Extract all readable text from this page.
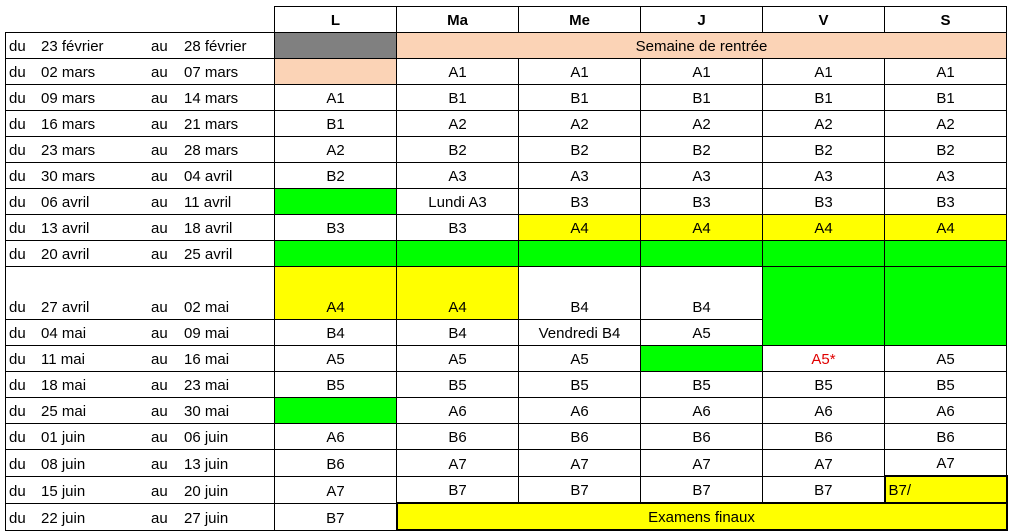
	L	Ma	Me	J	V	S
du 23 février au 28 février		Semaine de rentrée				
du 02 mars au 07 mars		A1	A1	A1	A1	A1
du 09 mars au 14 mars	A1	B1	B1	B1	B1	B1
du 16 mars au 21 mars	B1	A2	A2	A2	A2	A2
du 23 mars au 28 mars	A2	B2	B2	B2	B2	B2
du 30 mars au 04 avril	B2	A3	A3	A3	A3	A3
du 06 avril au 11 avril		Lundi A3	B3	B3	B3	B3
du 13 avril au 18 avril	B3	B3	A4	A4	A4	A4
du 20 avril au 25 avril						
du 27 avril au 02 mai	A4	A4	B4	B4		
du 04 mai au 09 mai	B4	B4	Vendredi B4	A5		
du 11 mai au 16 mai	A5	A5	A5		A5*	A5
du 18 mai au 23 mai	B5	B5	B5	B5	B5	B5
du 25 mai au 30 mai		A6	A6	A6	A6	A6
du 01 juin au 06 juin	A6	B6	B6	B6	B6	B6
du 08 juin au 13 juin	B6	A7	A7	A7	A7	A7
du 15 juin au 20 juin	A7	B7	B7	B7	B7	B7/
du 22 juin au 27 juin	B7	Examens finaux				
